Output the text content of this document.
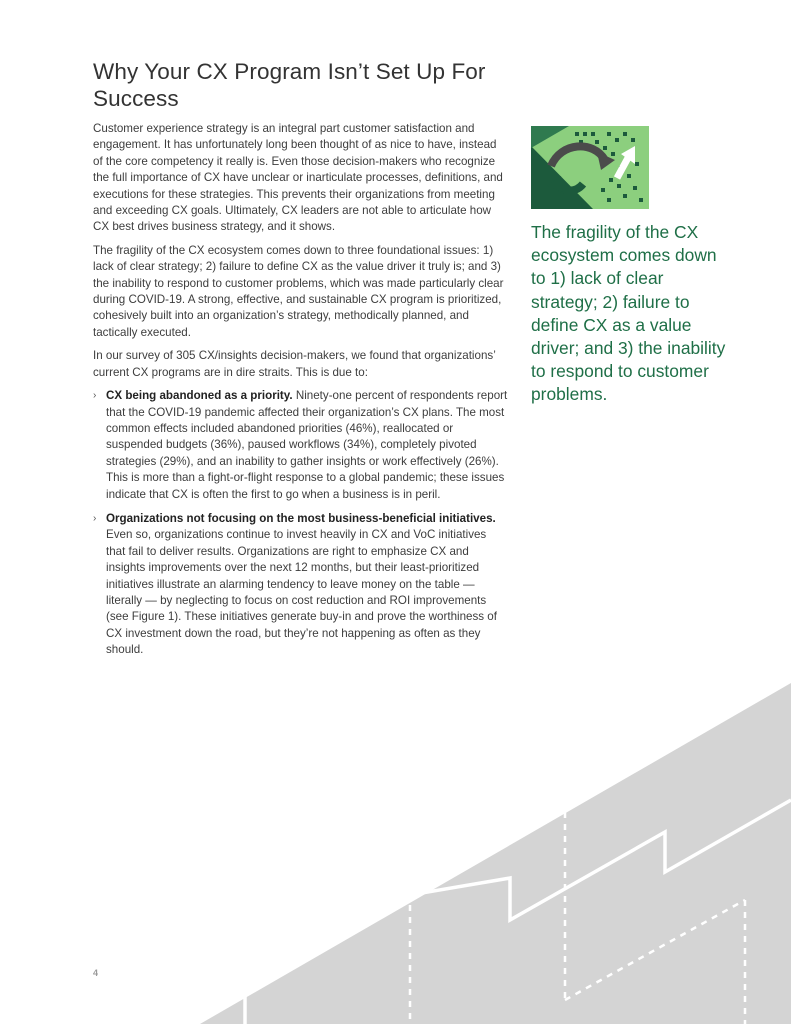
Why Your CX Program Isn’t Set Up For Success

Customer experience strategy is an integral part customer satisfaction and engagement. It has unfortunately long been thought of as nice to have, instead of the core competency it really is. Even those decision-makers who recognize the full importance of CX have unclear or inarticulate processes, definitions, and executions for these strategies. This prevents their organizations from meeting and exceeding CX goals. Ultimately, CX leaders are not able to articulate how CX best drives business strategy, and it shows.

The fragility of the CX ecosystem comes down to three foundational issues: 1) lack of clear strategy; 2) failure to define CX as the value driver it truly is; and 3) the inability to respond to customer problems, which was made particularly clear during COVID-19. A strong, effective, and sustainable CX program is prioritized, cohesively built into an organization’s strategy, methodically planned, and tactically executed.

In our survey of 305 CX/insights decision-makers, we found that organizations’ current CX programs are in dire straits. This is due to:

› CX being abandoned as a priority. Ninety-one percent of respondents report that the COVID-19 pandemic affected their organization’s CX plans. The most common effects included abandoned priorities (46%), reallocated or suspended budgets (36%), paused workflows (34%), completely pivoted strategies (29%), and an inability to gather insights or work effectively (26%). This is more than a fight-or-flight response to a global pandemic; these issues indicate that CX is often the first to go when a business is in peril.
› Organizations not focusing on the most business-beneficial initiatives. Even so, organizations continue to invest heavily in CX and VoC initiatives that fail to deliver results. Organizations are right to emphasize CX and insights improvements over the next 12 months, but their least-prioritized initiatives illustrate an alarming tendency to leave money on the table — literally — by neglecting to focus on cost reduction and ROI improvements (see Figure 1). These initiatives generate buy-in and prove the worthiness of CX investment down the road, but they’re not happening as often as they should.

The fragility of the CX ecosystem comes down to 1) lack of clear strategy; 2) failure to define CX as a value driver; and 3) the inability to respond to customer problems.

4
